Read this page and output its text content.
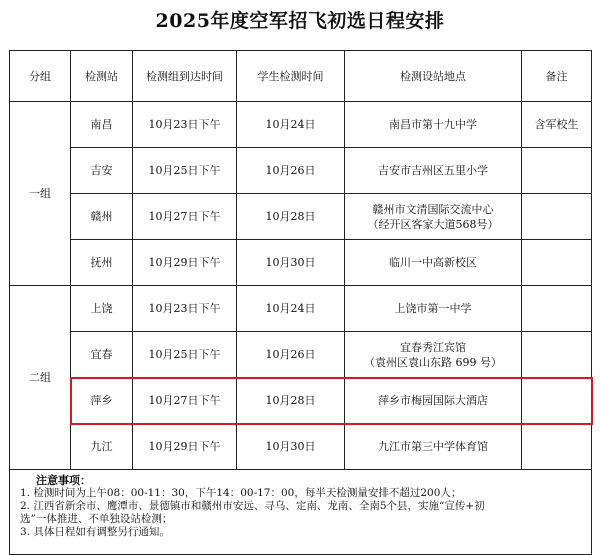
2025年度空军招飞初选日程安排
分组	检测站	检测组到达时间	学生检测时间	检测设站地点	备注
一组	南昌	10月23日下午	10月24日	南昌市第十九中学	含军校生
	吉安	10月25日下午	10月26日	吉安市吉州区五里小学	

	赣州	10月27日下午	10月28日	赣州市文清国际交流中心
（经开区客家大道568号）	

	抚州	10月29日下午	10月30日	临川一中高新校区	

二组	上饶	10月23日下午	10月24日	上饶市第一中学	

	宜春	10月25日下午	10月26日	宜春秀江宾馆
（袁州区袁山东路 699 号）	

	萍乡	10月27日下午	10月28日	萍乡市梅园国际大酒店	

	九江	10月29日下午	10月30日	九江市第三中学体育馆	

注意事项：

1. 检测时间为上午08：00-11：30，下午14：00-17：00，每半天检测量安排不超过200人；

2. 江西省新余市、鹰潭市、景德镇市和赣州市安远、寻乌、定南、龙南、全南5个县，实施“宣传+初

选”一体推进、不单独设站检测；

3. 具体日程如有调整另行通知。
